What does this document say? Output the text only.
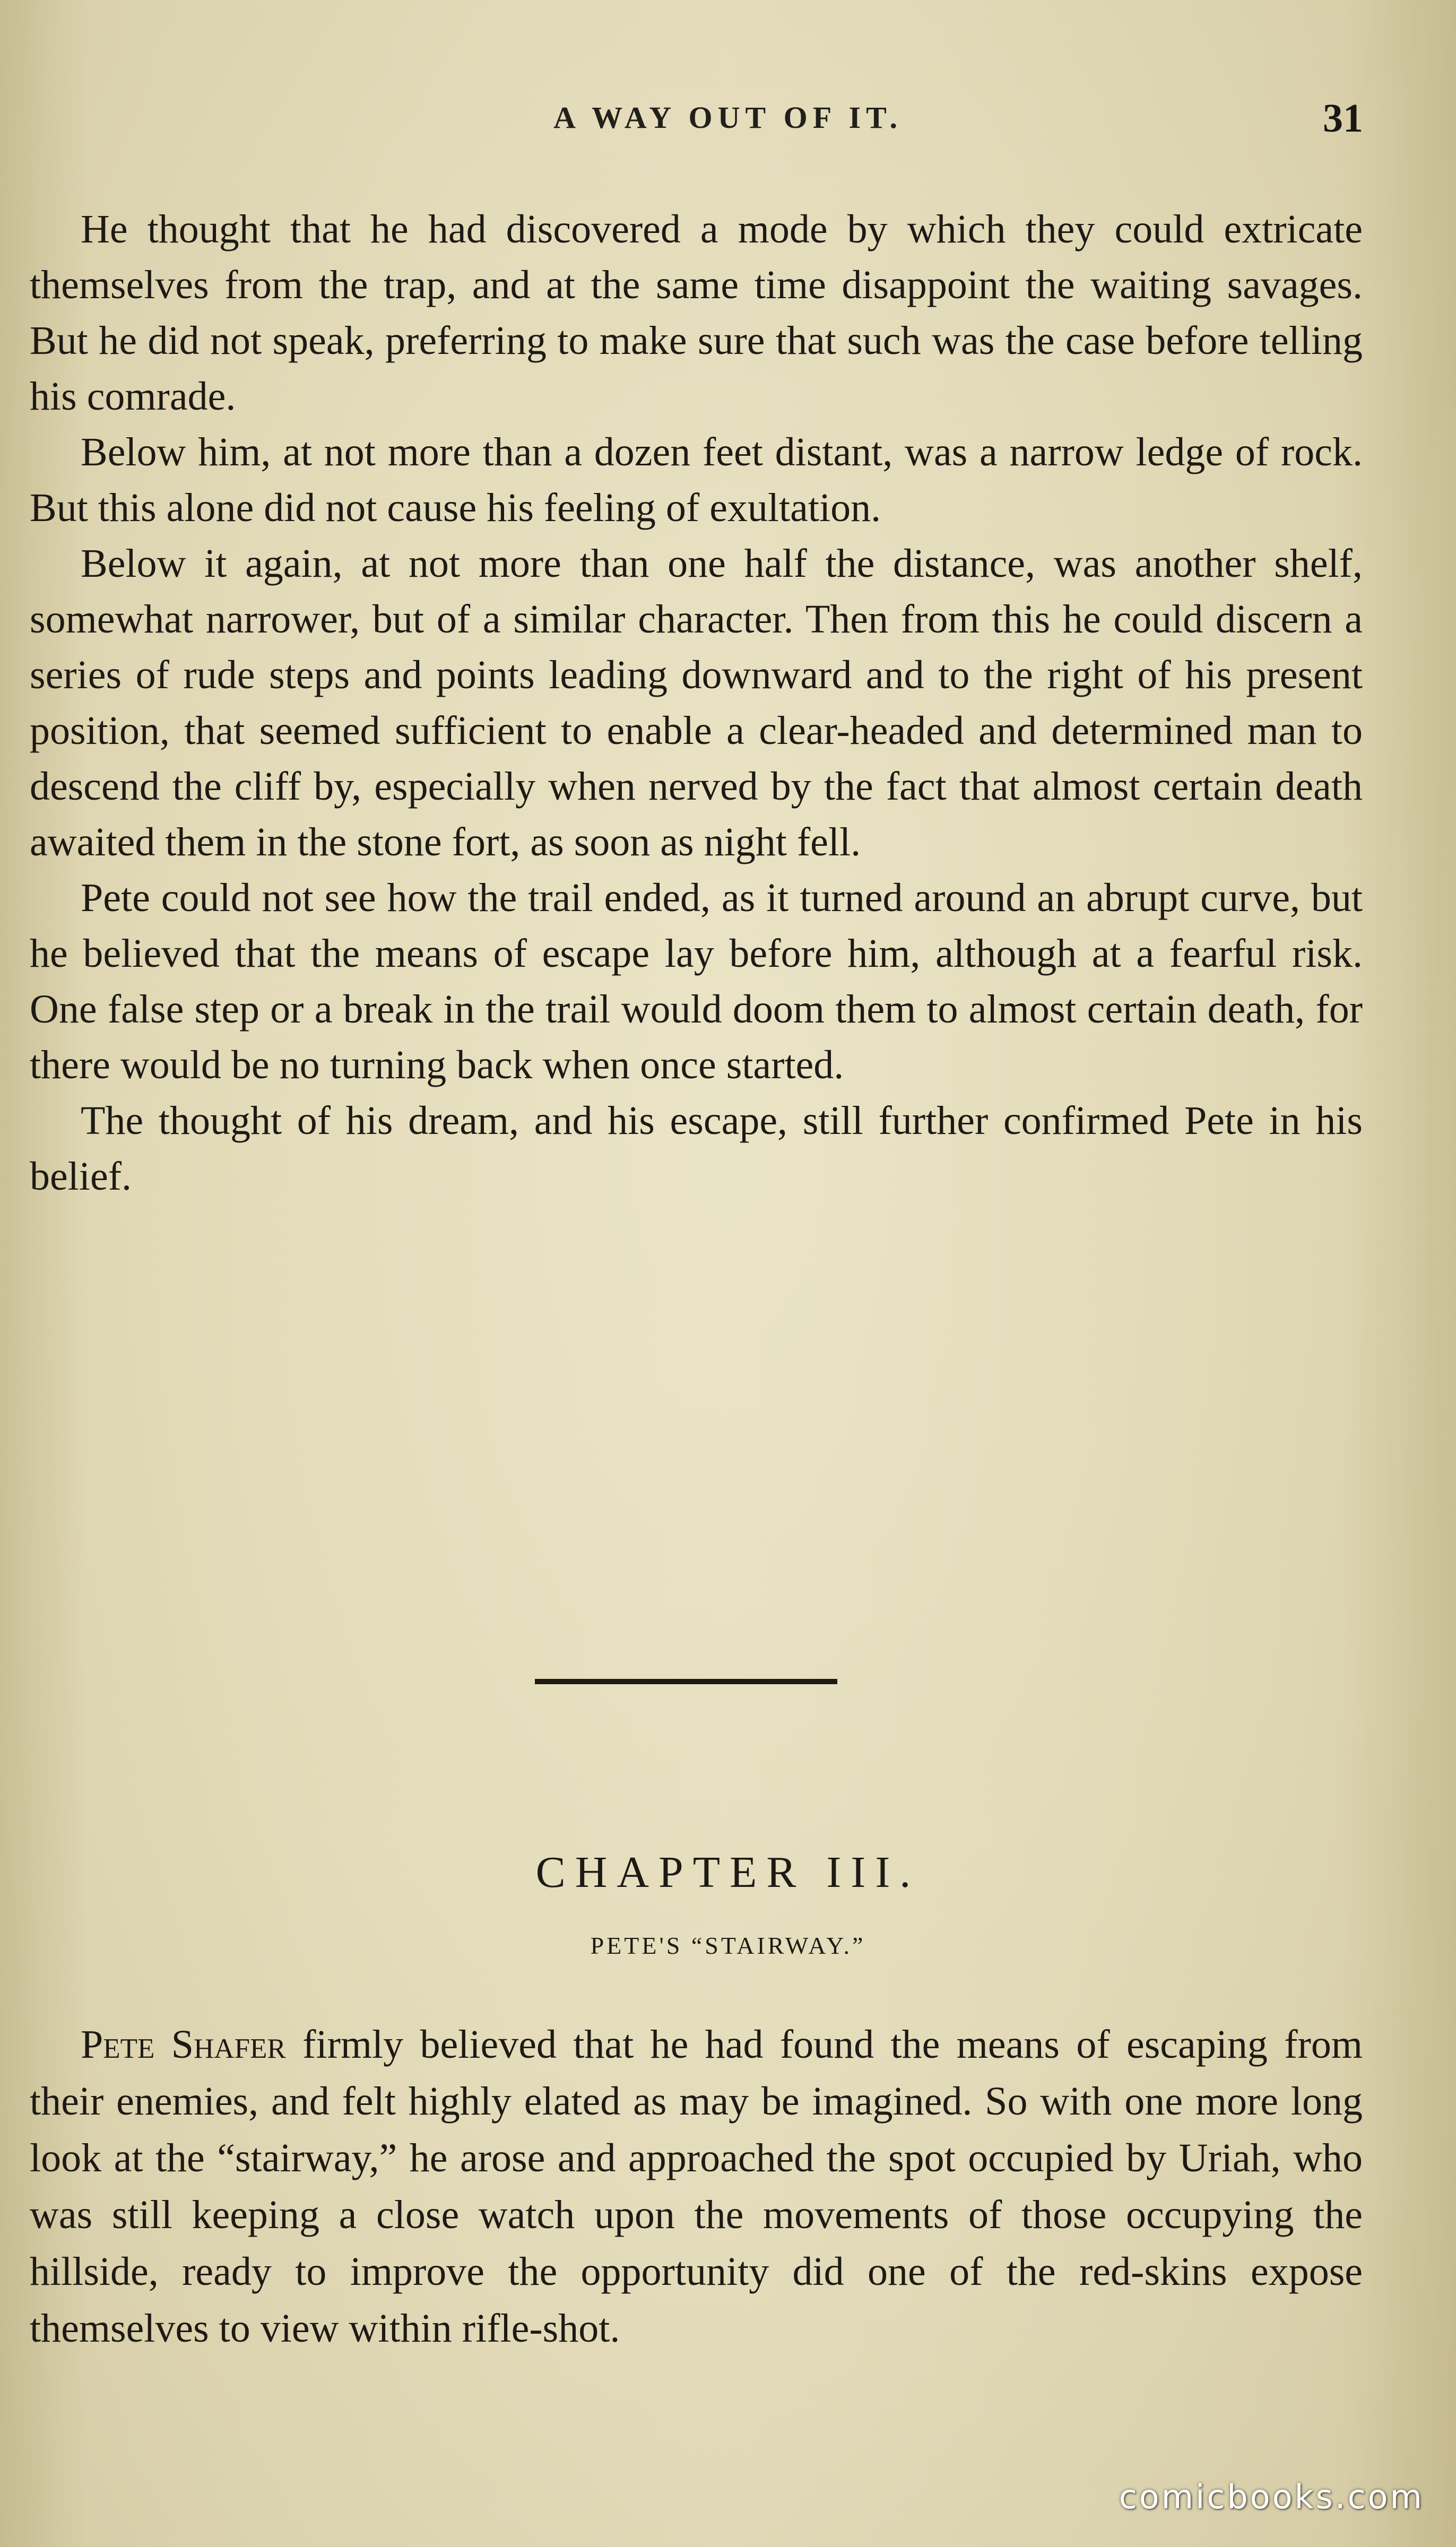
A WAY OUT OF IT.	31

He thought that he had discovered a mode by which they could extricate themselves from the trap, and at the same time disappoint the waiting savages. But he did not speak, preferring to make sure that such was the case before telling his comrade.

Below him, at not more than a dozen feet distant, was a narrow ledge of rock. But this alone did not cause his feeling of exultation.

Below it again, at not more than one half the distance, was another shelf, somewhat narrower, but of a similar character. Then from this he could discern a series of rude steps and points leading downward and to the right of his present position, that seemed sufficient to enable a clear-headed and determined man to descend the cliff by, especially when nerved by the fact that almost certain death awaited them in the stone fort, as soon as night fell.

Pete could not see how the trail ended, as it turned around an abrupt curve, but he believed that the means of escape lay before him, although at a fearful risk. One false step or a break in the trail would doom them to almost certain death, for there would be no turning back when once started.

The thought of his dream, and his escape, still further confirmed Pete in his belief.

CHAPTER III.
PETE'S “STAIRWAY.”

Pete Shafer firmly believed that he had found the means of escaping from their enemies, and felt highly elated as may be imagined. So with one more long look at the “stairway,” he arose and approached the spot occupied by Uriah, who was still keeping a close watch upon the movements of those occupying the hillside, ready to improve the opportunity did one of the red-skins expose themselves to view within rifle-shot.

comicbooks.com
